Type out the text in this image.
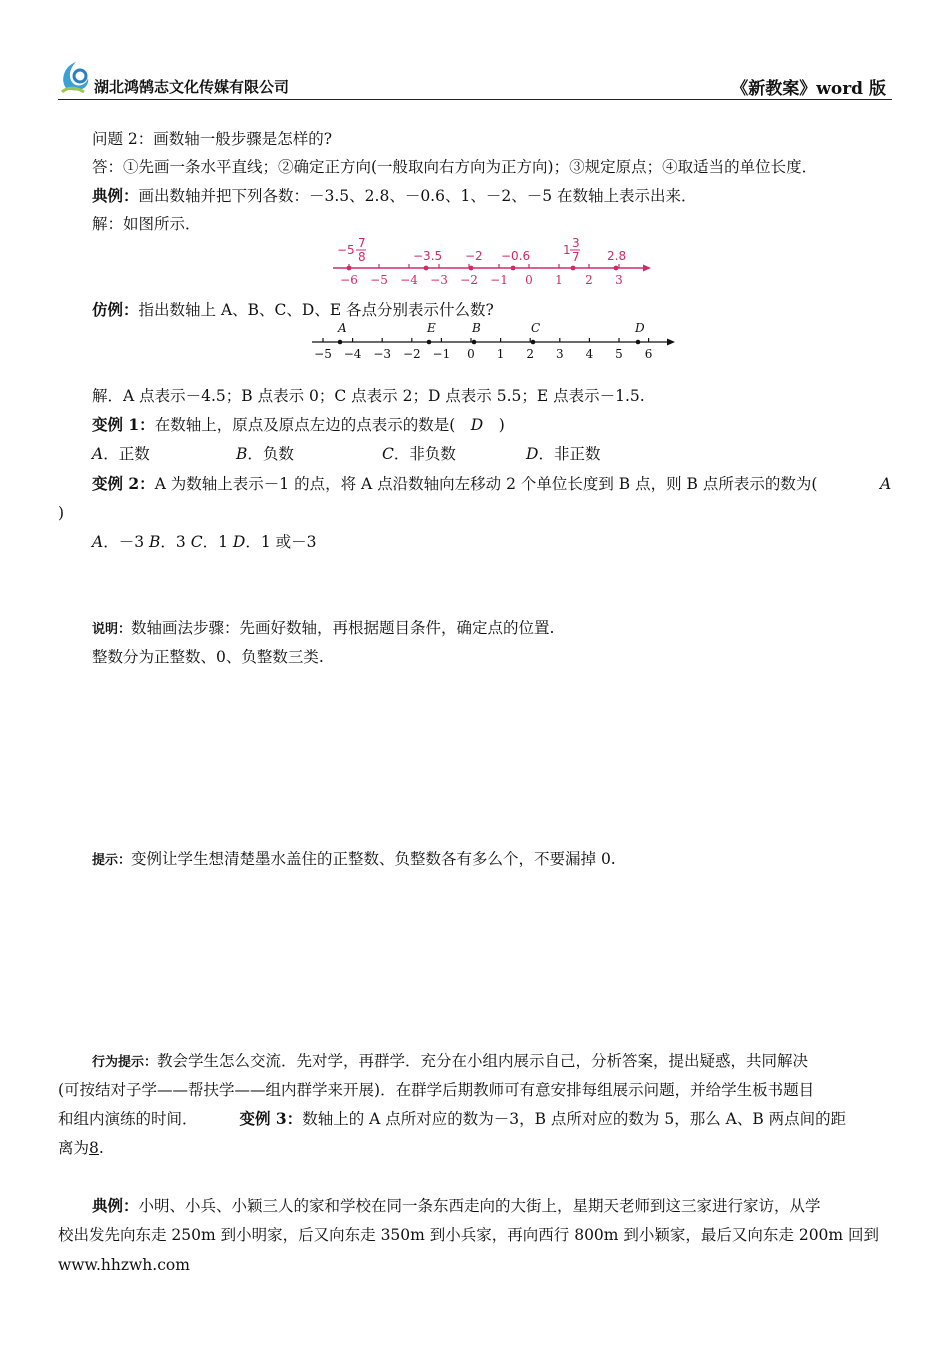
湖北鸿鹄志文化传媒有限公司	《新教案》word 版
问题 2：画数轴一般步骤是怎样的?
答：①先画一条水平直线；②确定正方向(一般取向右方向为正方向)；③规定原点；④取适当的单位长度．
典例：画出数轴并把下列各数：－3.5、2.8、－0.6、1、－2、－5 在数轴上表示出来．
解：如图所示．
−6 −5 −4 −3 −2 −1 0 1 2 3
−5 7
8	−3.5 −2 −0.6	1 3
7 2.8
仿例：指出数轴上 A、B、C、D、E 各点分别表示什么数?
−5 −4 −3 −2 −1 0 1 2 3 4 5 6
A	E	B	C	D
解．A 点表示－4.5；B 点表示 0；C 点表示 2；D 点表示 5.5；E 点表示－1.5.
变例 1：在数轴上，原点及原点左边的点表示的数是(　D　)
A．正数	B．负数	C．非负数	D．非正数
变例 2：A 为数轴上表示－1 的点，将 A 点沿数轴向左移动 2 个单位长度到 B 点，则 B 点所表示的数为(	A
)
A．－3 B．3 C．1 D．1 或－3
说明：数轴画法步骤：先画好数轴，再根据题目条件，确定点的位置.
整数分为正整数、0、负整数三类.
提示：变例让学生想清楚墨水盖住的正整数、负整数各有多么个，不要漏掉 0.
行为提示：教会学生怎么交流．先对学，再群学．充分在小组内展示自己，分析答案，提出疑惑，共同解决
(可按结对子学——帮扶学——组内群学来开展)．在群学后期教师可有意安排每组展示问题，并给学生板书题目
和组内演练的时间．	变例 3：数轴上的 A 点所对应的数为－3，B 点所对应的数为 5，那么 A、B 两点间的距
离为8.
典例：小明、小兵、小颖三人的家和学校在同一条东西走向的大街上，星期天老师到这三家进行家访，从学
校出发先向东走 250m 到小明家，后又向东走 350m 到小兵家，再向西行 800m 到小颖家，最后又向东走 200m 回到
www.hhzwh.com
